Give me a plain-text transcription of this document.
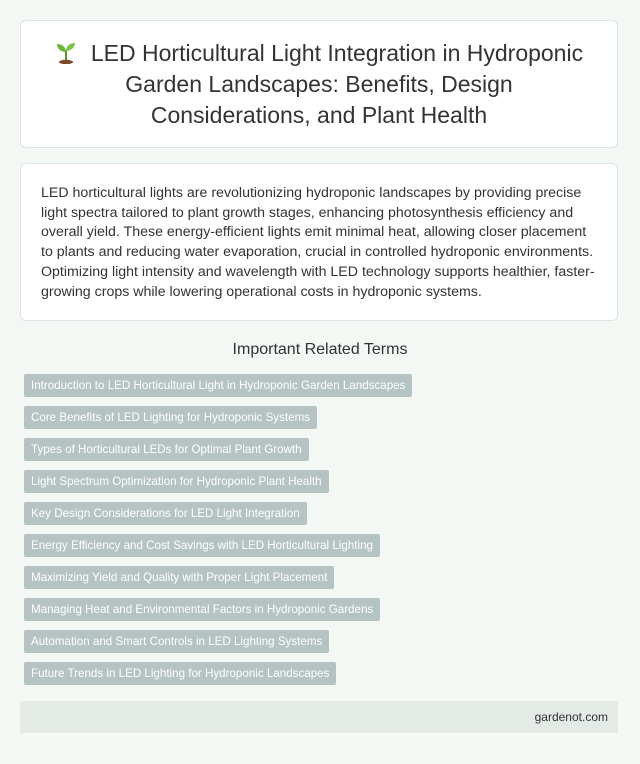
LED Horticultural Light Integration in Hydroponic Garden Landscapes: Benefits, Design Considerations, and Plant Health

LED horticultural lights are revolutionizing hydroponic landscapes by providing precise light spectra tailored to plant growth stages, enhancing photosynthesis efficiency and overall yield. These energy-efficient lights emit minimal heat, allowing closer placement to plants and reducing water evaporation, crucial in controlled hydroponic environments. Optimizing light intensity and wavelength with LED technology supports healthier, faster-growing crops while lowering operational costs in hydroponic systems.

Important Related Terms
Introduction to LED Horticultural Light in Hydroponic Garden Landscapes
Core Benefits of LED Lighting for Hydroponic Systems
Types of Horticultural LEDs for Optimal Plant Growth
Light Spectrum Optimization for Hydroponic Plant Health
Key Design Considerations for LED Light Integration
Energy Efficiency and Cost Savings with LED Horticultural Lighting
Maximizing Yield and Quality with Proper Light Placement
Managing Heat and Environmental Factors in Hydroponic Gardens
Automation and Smart Controls in LED Lighting Systems
Future Trends in LED Lighting for Hydroponic Landscapes
gardenot.com
